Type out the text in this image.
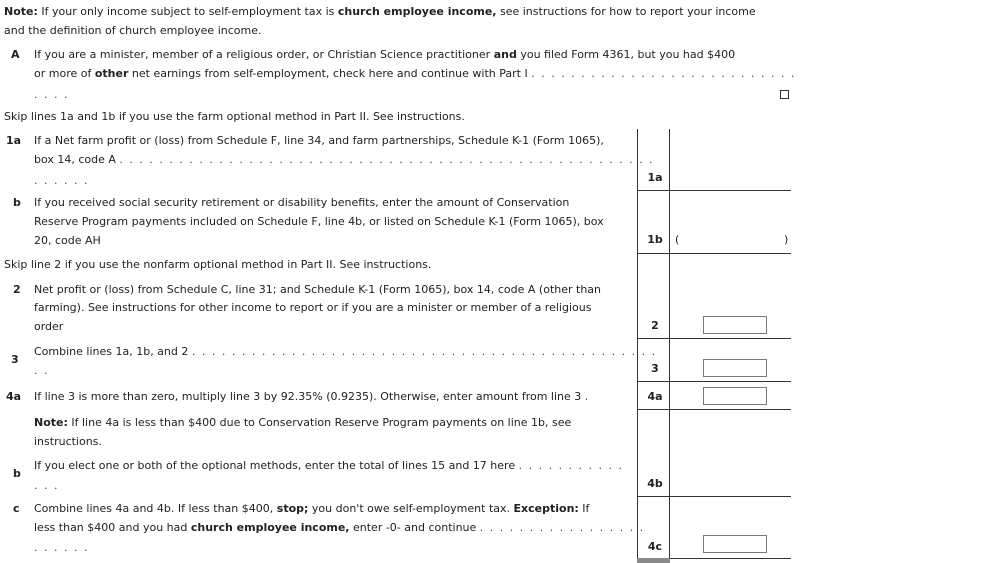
Note: If your only income subject to self-employment tax is church employee income, see instructions for how to report your income
and the definition of church employee income.
A If you are a minister, member of a religious order, or Christian Science practitioner and you filed Form 4361, but you had $400
or more of other net earnings from self-employment, check here and continue with Part I . . . . . . . . . . . . . . . . . . . . . . . . . . .
. . . .
Skip lines 1a and 1b if you use the farm optional method in Part II. See instructions.
1a If a Net farm profit or (loss) from Schedule F, line 34, and farm partnerships, Schedule K-1 (Form 1065),
box 14, code A . . . . . . . . . . . . . . . . . . . . . . . . . . . . . . . . . . . . . . . . . . . . . . . . . . . . . .
. . . . . .	1a
b If you received social security retirement or disability benefits, enter the amount of Conservation
Reserve Program payments included on Schedule F, line 4b, or listed on Schedule K-1 (Form 1065), box
20, code AH	1b	(	)
Skip line 2 if you use the nonfarm optional method in Part II. See instructions.
2 Net profit or (loss) from Schedule C, line 31; and Schedule K-1 (Form 1065), box 14, code A (other than
farming). See instructions for other income to report or if you are a minister or member of a religious
order	2
3
Combine lines 1a, 1b, and 2 . . . . . . . . . . . . . . . . . . . . . . . . . . . . . . . . . . . . . . . . . . . . . . .
. .	3
4a If line 3 is more than zero, multiply line 3 by 92.35% (0.9235). Otherwise, enter amount from line 3 .	4a
Note: If line 4a is less than $400 due to Conservation Reserve Program payments on line 1b, see
instructions.
b
If you elect one or both of the optional methods, enter the total of lines 15 and 17 here . . . . . . . . . . .
. . .	4b
c Combine lines 4a and 4b. If less than $400, stop; you don't owe self-employment tax. Exception: If
less than $400 and you had church employee income, enter -0- and continue . . . . . . . . . . . . . . . . .
. . . . . .	4c
